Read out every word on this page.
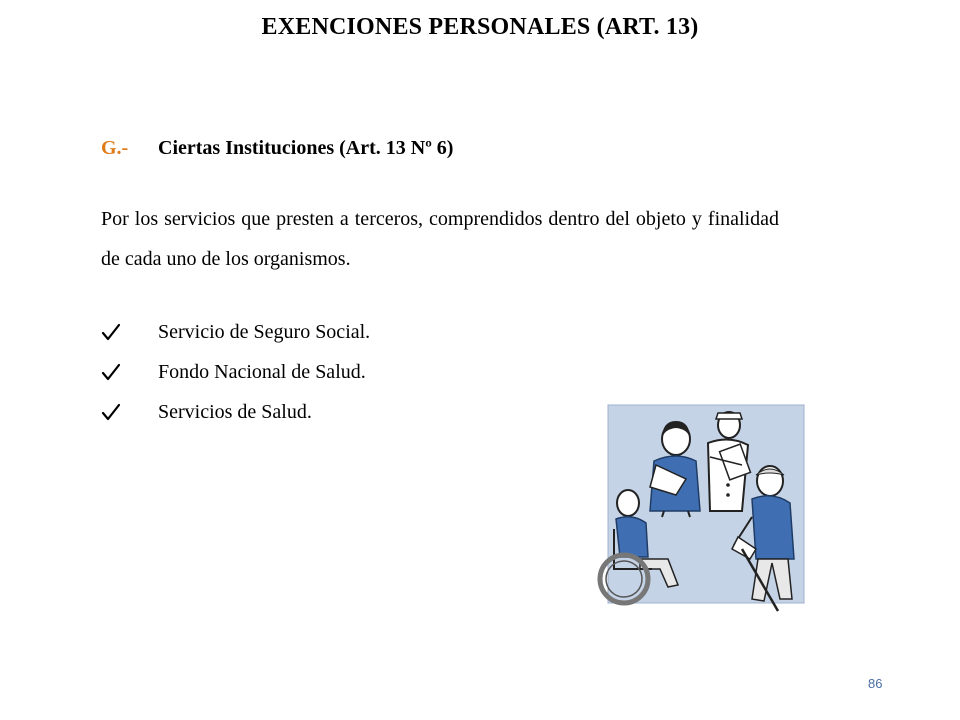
EXENCIONES PERSONALES (ART. 13)
G.- Ciertas Instituciones (Art. 13 Nº 6)
Por los servicios que presten a terceros, comprendidos dentro del objeto y finalidad de cada uno de los organismos.
Servicio de Seguro Social.
Fondo Nacional de Salud.
Servicios de Salud.
86
